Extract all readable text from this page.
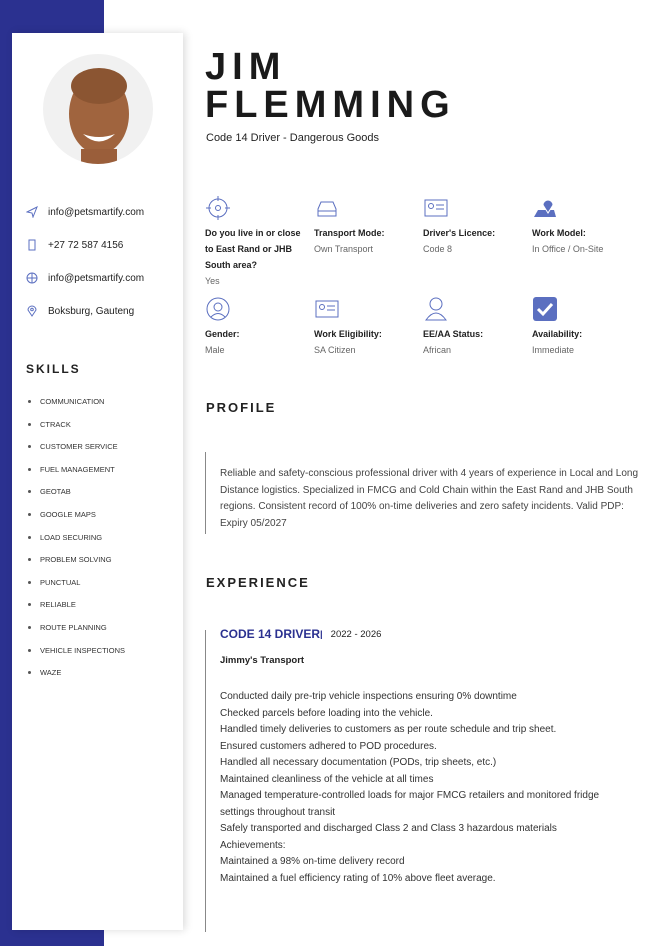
info@petsmartify.com
+27 72 587 4156
info@petsmartify.com
Boksburg, Gauteng
SKILLS
COMMUNICATION
CTRACK
CUSTOMER SERVICE
FUEL MANAGEMENT
GEOTAB
GOOGLE MAPS
LOAD SECURING
PROBLEM SOLVING
PUNCTUAL
RELIABLE
ROUTE PLANNING
VEHICLE INSPECTIONS
WAZE
JIM
FLEMMING
Code 14 Driver - Dangerous Goods
Do you live in or close to East Rand or JHB South area?
Yes
Transport Mode:
Own Transport
Driver's Licence:
Code 8
Work Model:
In Office / On-Site
Gender:
Male
Work Eligibility:
SA Citizen
EE/AA Status:
African
Availability:
Immediate
PROFILE
Reliable and safety-conscious professional driver with 4 years of experience in Local and Long Distance logistics. Specialized in FMCG and Cold Chain within the East Rand and JHB South regions. Consistent record of 100% on-time deliveries and zero safety incidents. Valid PDP: Expiry 05/2027
EXPERIENCE
CODE 14 DRIVER | 2022 - 2026
Jimmy's Transport
Conducted daily pre-trip vehicle inspections ensuring 0% downtime
Checked parcels before loading into the vehicle.
Handled timely deliveries to customers as per route schedule and trip sheet.
Ensured customers adhered to POD procedures.
Handled all necessary documentation (PODs, trip sheets, etc.)
Maintained cleanliness of the vehicle at all times
Managed temperature-controlled loads for major FMCG retailers and monitored fridge settings throughout transit
Safely transported and discharged Class 2 and Class 3 hazardous materials
Achievements:
Maintained a 98% on-time delivery record
Maintained a fuel efficiency rating of 10% above fleet average.
